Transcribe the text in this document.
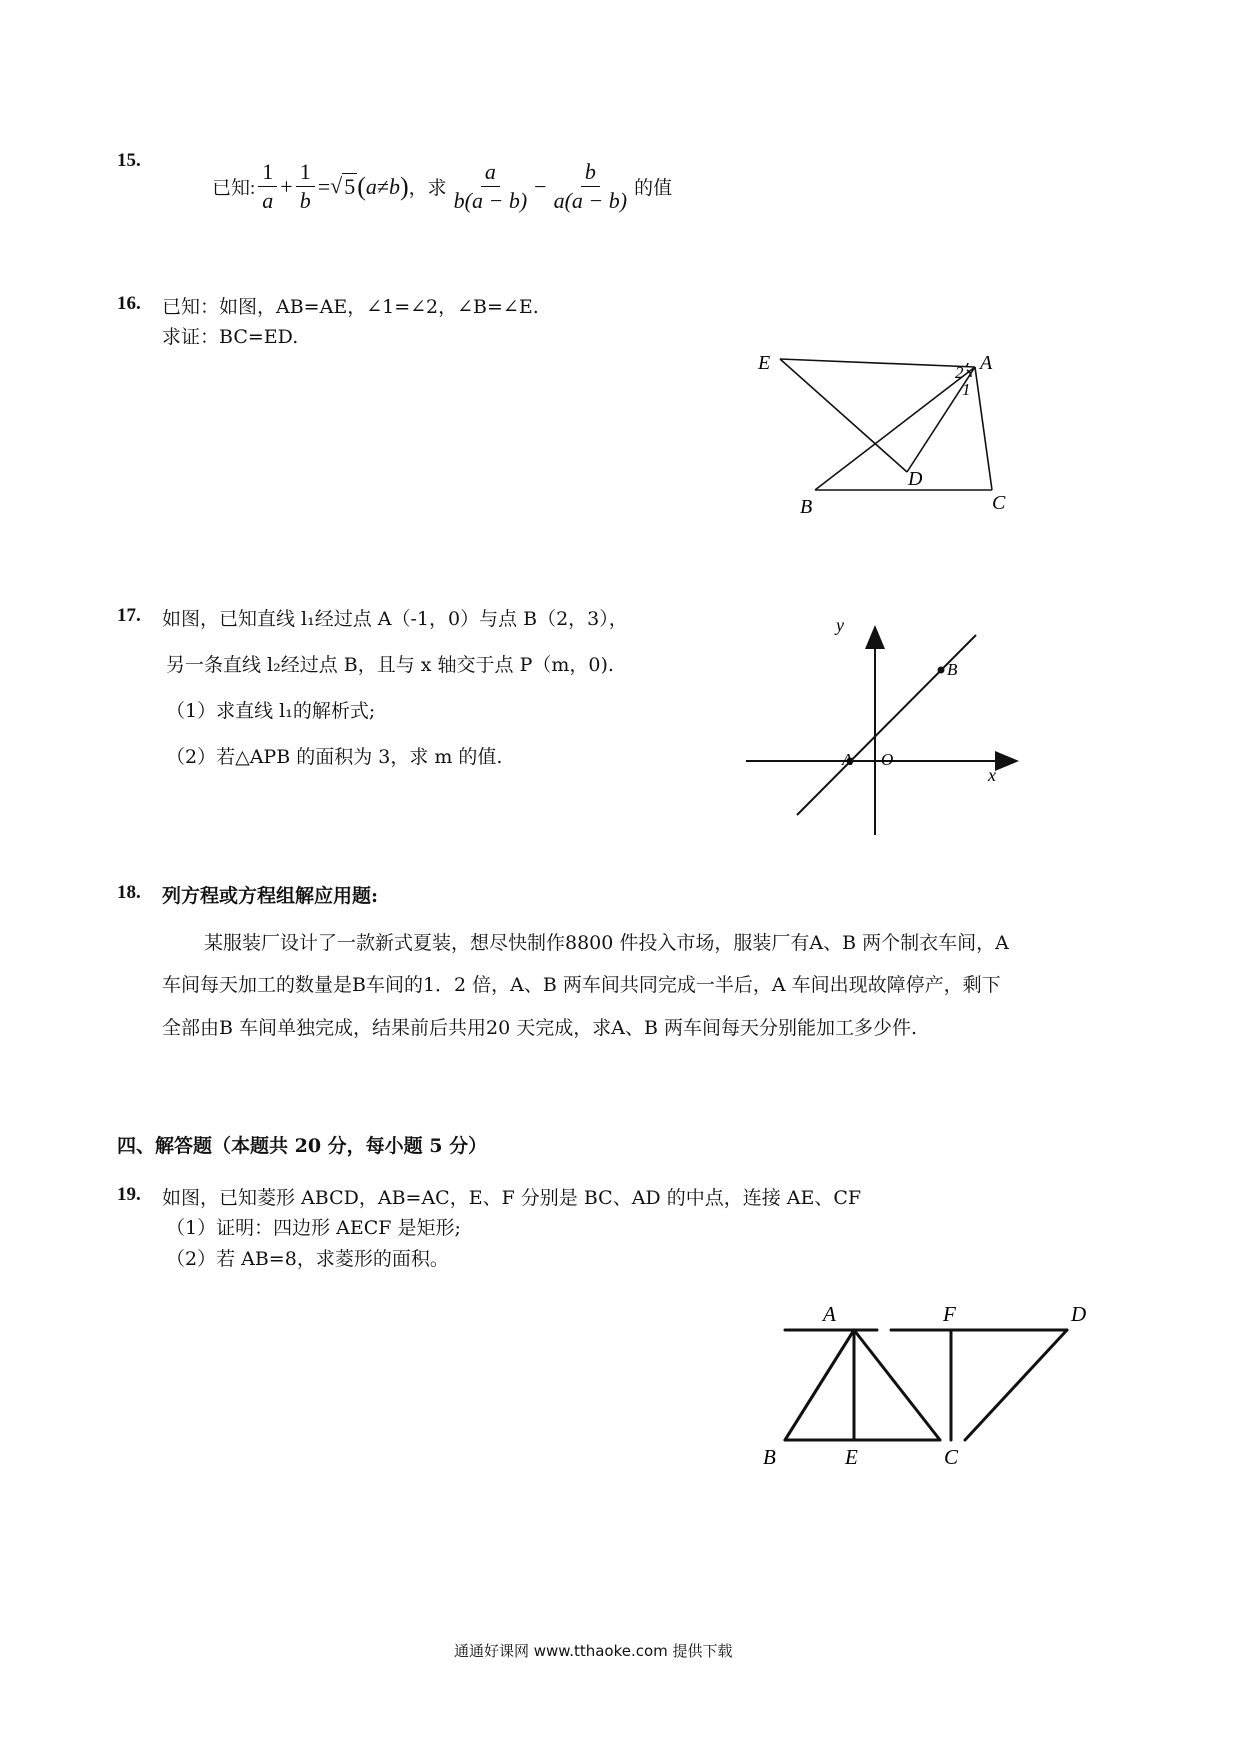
15.
已知: $\frac{1}{a} + \frac{1}{b}$ = √ 5 ( a ≠ b ) ，求 $\frac{a}{b(a - b)} - \frac{b}{a(a - b)}$ 的值
16. 已知：如图，AB=AE，∠1=∠2，∠B=∠E.
求证：BC=ED.
E	A
2
1
D
B	C
17. 如图，已知直线 l₁经过点 A（-1，0）与点 B（2，3），
另一条直线 l₂经过点 B，且与 x 轴交于点 P（m，0).
（1）求直线 l₁的解析式;
（2）若△APB 的面积为 3，求 m 的值.
y
x
B
O
A
18. 列方程或方程组解应用题:
某服装厂设计了一款新式夏装，想尽快制作8800 件投入市场，服装厂有A、B 两个制衣车间，A
车间每天加工的数量是B车间的1．2 倍，A、B 两车间共同完成一半后，A 车间出现故障停产，剩下
全部由B 车间单独完成，结果前后共用20 天完成，求A、B 两车间每天分别能加工多少件.
四、解答题（本题共 20 分，每小题 5 分）
19. 如图，已知菱形 ABCD，AB=AC，E、F 分别是 BC、AD 的中点，连接 AE、CF
（1）证明：四边形 AECF 是矩形;
（2）若 AB=8，求菱形的面积。
A	F	D
B	E	C
通通好课网 www.tthaoke.com 提供下载
